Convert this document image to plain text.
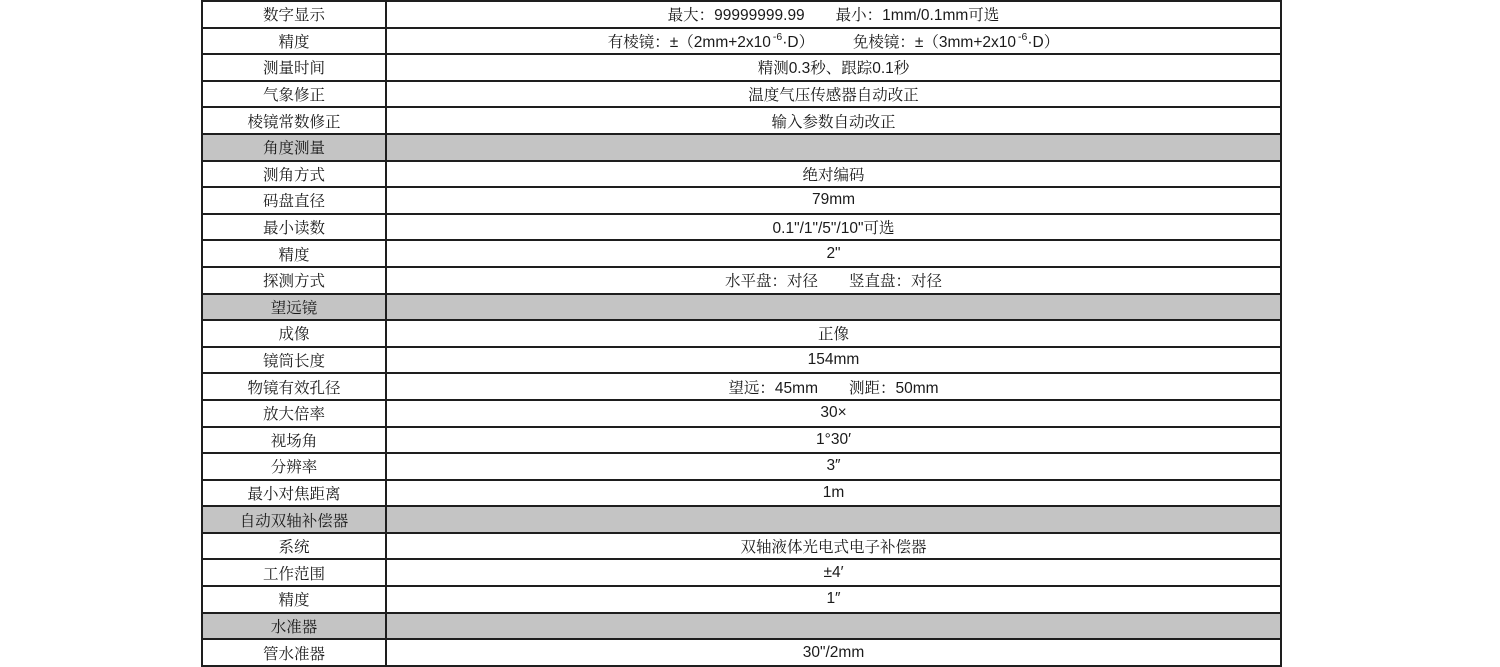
数字显示	最大：99999999.99　　最小：1mm/0.1mm可选
精度	有棱镜：±（2mm+2x10 $^{-6}$·D）　　　免棱镜：±（3mm+2x10 $^{-6}$·D）
测量时间	精测0.3秒、跟踪0.1秒
气象修正	温度气压传感器自动改正
棱镜常数修正	输入参数自动改正
角度测量	
测角方式	绝对编码
码盘直径	79mm
最小读数	0.1"/1"/5"/10"可选
精度	2"
探测方式	水平盘：对径　　竖直盘：对径
望远镜	
成像	正像
镜筒长度	154mm
物镜有效孔径	望远：45mm　　测距：50mm
放大倍率	30×
视场角	1°30′
分辨率	3″
最小对焦距离	1m
自动双轴补偿器	
系统	双轴液体光电式电子补偿器
工作范围	±4′
精度	1″
水准器	
管水准器	30"/2mm
